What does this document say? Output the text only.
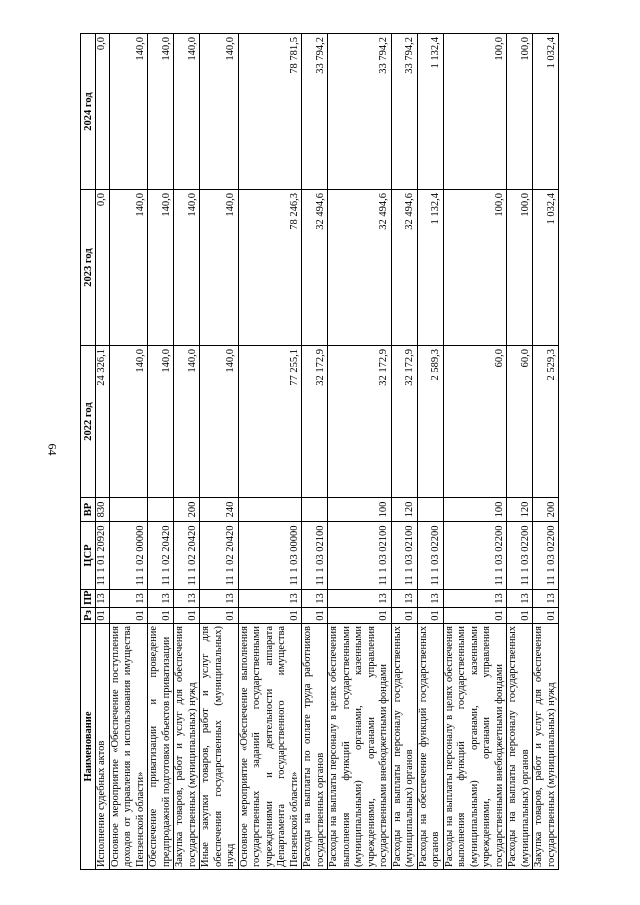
64
Наименование	Рз	ПР	ЦСР	ВР	2022 год	2023 год	2024 год
Исполнение судебных актов	01	13	11 1 01 20920	830	24 326,1	0,0	0,0
Основное мероприятие «Обеспечение поступления доходов от управления и использования имущества Пензенской области»	01	13	11 1 02 00000		140,0	140,0	140,0
Обеспечение приватизации и проведение предпродажной подготовки объектов приватизации	01	13	11 1 02 20420		140,0	140,0	140,0
Закупка товаров, работ и услуг для обеспечения государственных (муниципальных) нужд	01	13	11 1 02 20420	200	140,0	140,0	140,0
Иные закупки товаров, работ и услуг для обеспечения государственных (муниципальных) нужд	01	13	11 1 02 20420	240	140,0	140,0	140,0
Основное мероприятие «Обеспечение выполнения государственных заданий государственными учреждениями и деятельности аппарата Департамента государственного имущества Пензенской области»	01	13	11 1 03 00000		77 255,1	78 246,3	78 781,5
Расходы на выплаты по оплате труда работников государственных органов	01	13	11 1 03 02100		32 172,9	32 494,6	33 794,2
Расходы на выплаты персоналу в целях обеспечения выполнения функций государственными (муниципальными) органами, казенными учреждениями, органами управления государственными внебюджетными фондами	01	13	11 1 03 02100	100	32 172,9	32 494,6	33 794,2
Расходы на выплаты персоналу государственных (муниципальных) органов	01	13	11 1 03 02100	120	32 172,9	32 494,6	33 794,2
Расходы на обеспечение функций государственных органов	01	13	11 1 03 02200		2 589,3	1 132,4	1 132,4
Расходы на выплаты персоналу в целях обеспечения выполнения функций государственными (муниципальными) органами, казенными учреждениями, органами управления государственными внебюджетными фондами	01	13	11 1 03 02200	100	60,0	100,0	100,0
Расходы на выплаты персоналу государственных (муниципальных) органов	01	13	11 1 03 02200	120	60,0	100,0	100,0
Закупка товаров, работ и услуг для обеспечения государственных (муниципальных) нужд	01	13	11 1 03 02200	200	2 529,3	1 032,4	1 032,4
